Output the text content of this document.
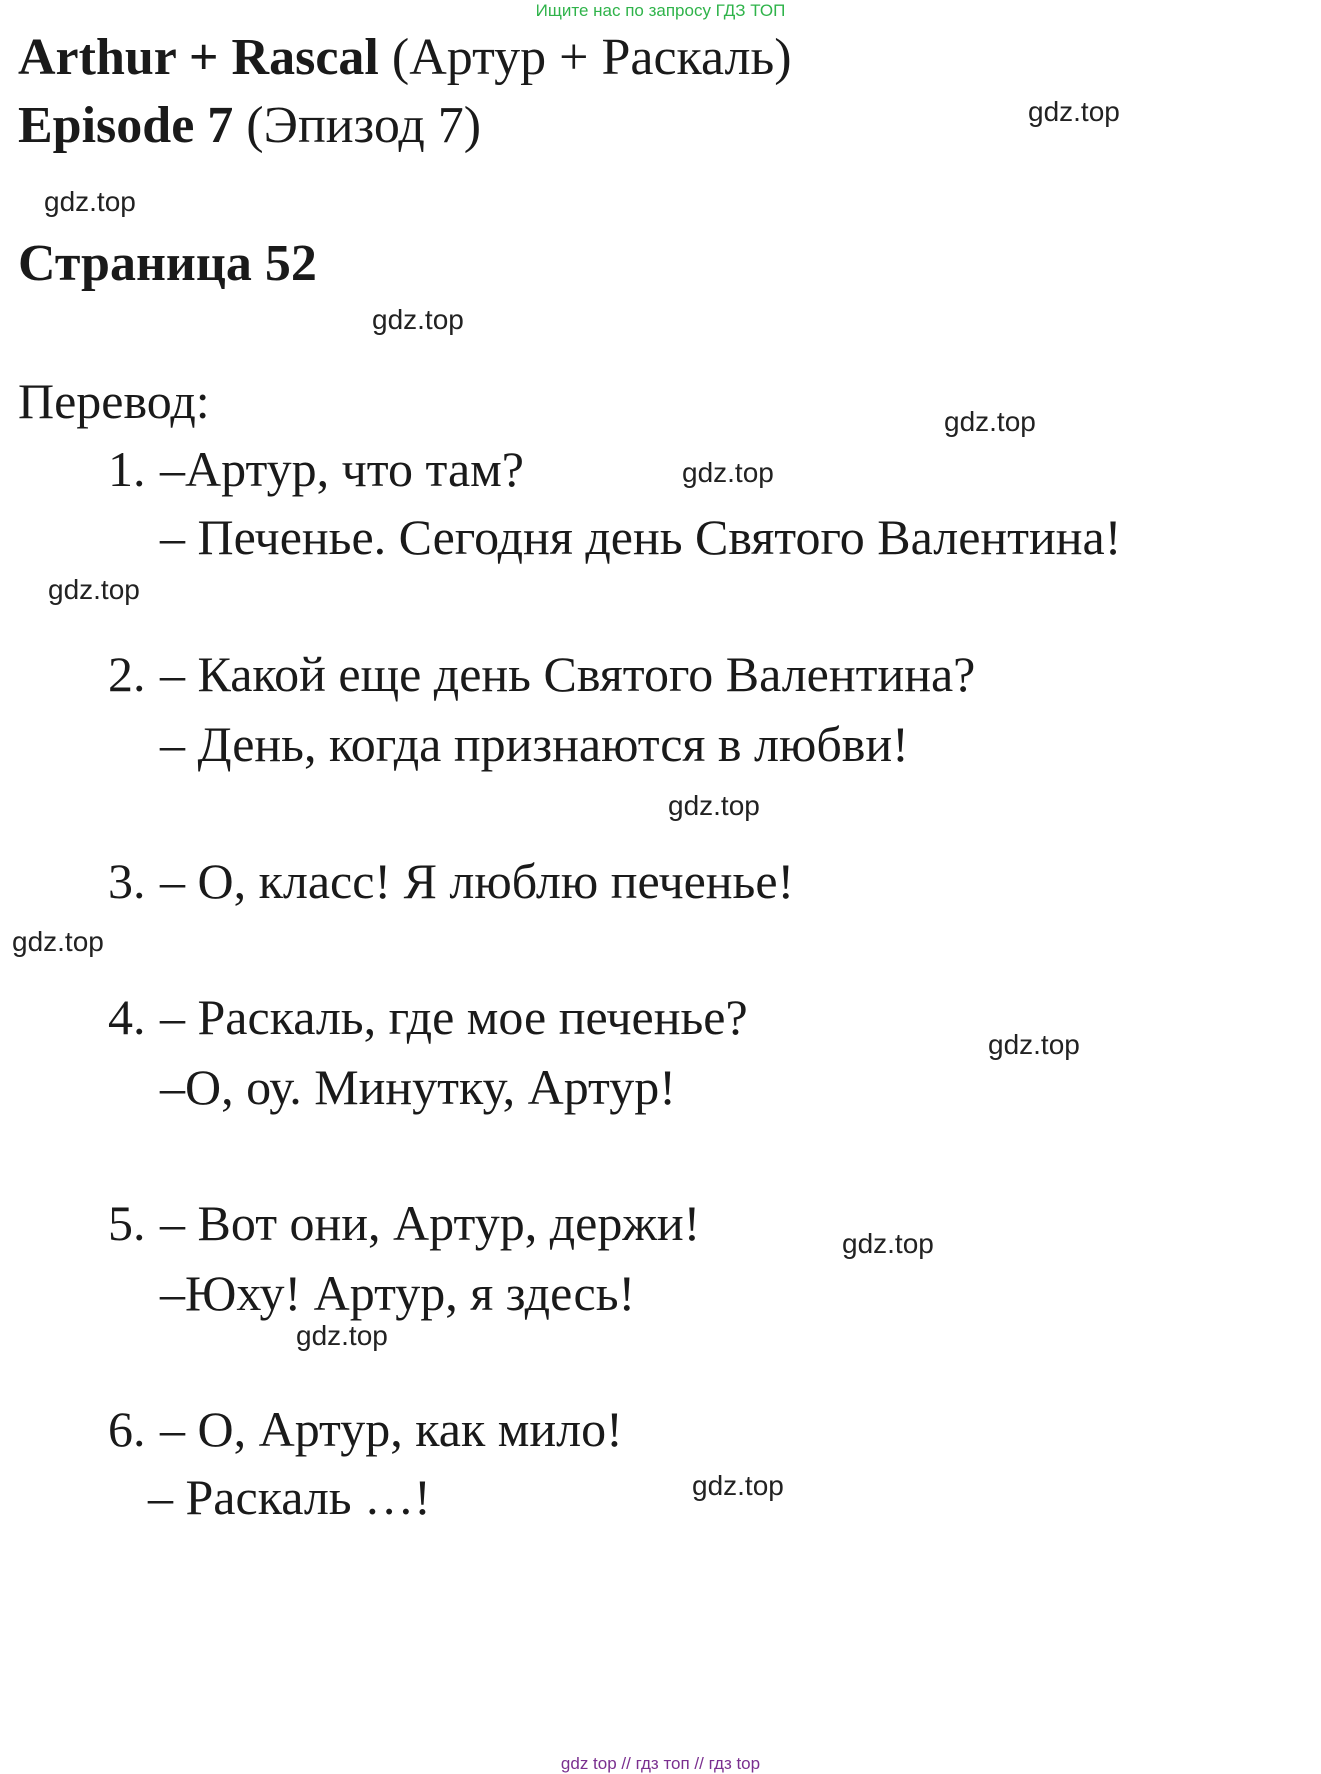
Ищите нас по запросу ГДЗ ТОП
Arthur + Rascal (Артур + Раскаль)
Episode 7 (Эпизод 7)
Страница 52
Перевод:
1. –Артур, что там?
– Печенье. Сегодня день Святого Валентина!
2. – Какой еще день Святого Валентина?
– День, когда признаются в любви!
3. – О, класс! Я люблю печенье!
4. – Раскаль, где мое печенье?
–О, оу. Минутку, Артур!
5. – Вот они, Артур, держи!
–Юху! Артур, я здесь!
6. – О, Артур, как мило!
– Раскаль …!
gdz.top
gdz.top
gdz.top
gdz.top
gdz.top
gdz.top
gdz.top
gdz.top
gdz.top
gdz.top
gdz.top
gdz.top
gdz top // гдз топ // гдз top
